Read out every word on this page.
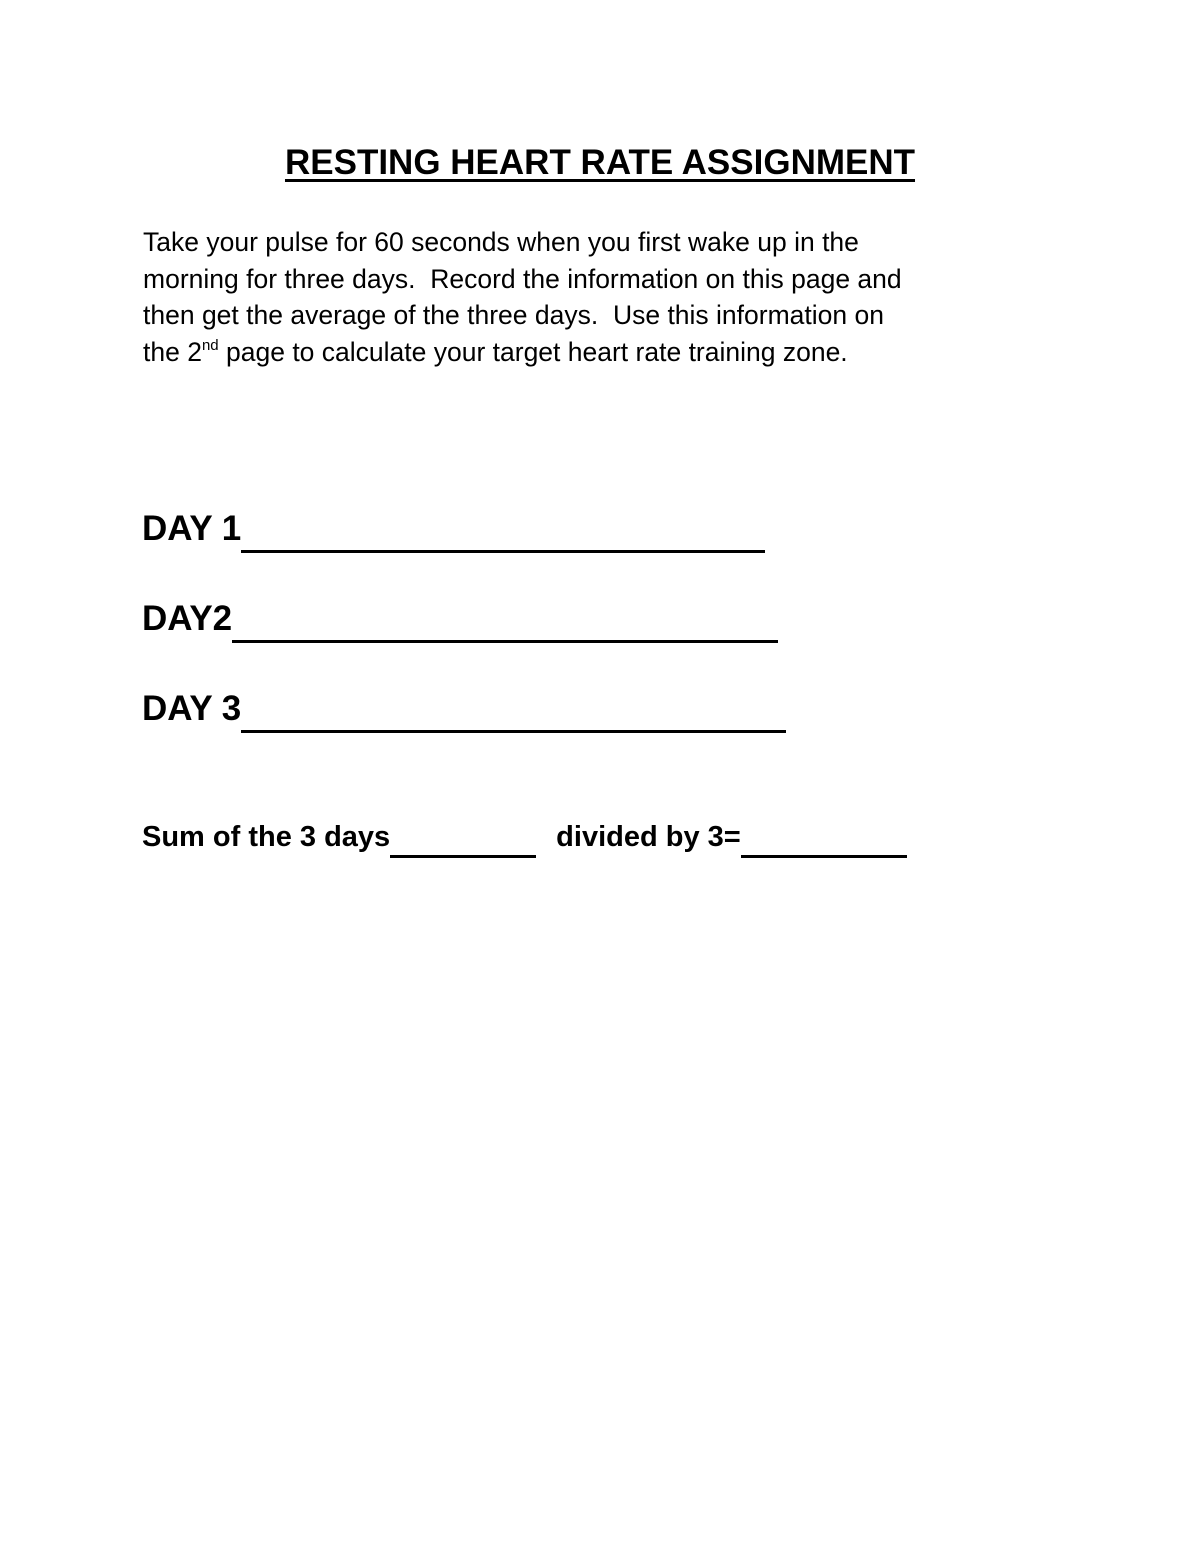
RESTING HEART RATE ASSIGNMENT

Take your pulse for 60 seconds when you first wake up in the
morning for three days.  Record the information on this page and
then get the average of the three days.  Use this information on
the 2nd page to calculate your target heart rate training zone.

DAY 1
DAY2
DAY 3
Sum of the 3 days	divided by 3=
